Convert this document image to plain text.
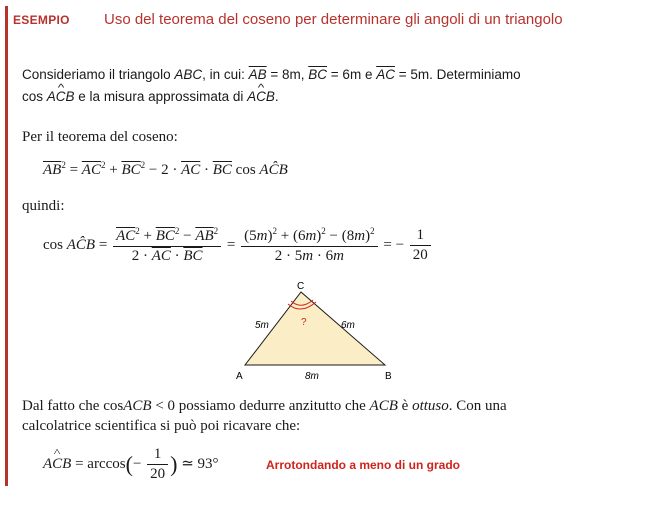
ESEMPIO Uso del teorema del coseno per determinare gli angoli di un triangolo
Consideriamo il triangolo ABC, in cui: $\overline{AB} = 8m$, $\overline{BC} = 6m$ e $\overline{AC} = 5m$. Determiniamo
cos ^ ACB e la misura approssimata di ^ ACB.
Per il teorema del coseno:
$\overline{AB}^2 = \overline{AC}^2 + \overline{BC}^2 - 2 \cdot \overline{AC} \cdot \overline{BC}$ cos AĈB
quindi:
cos AĈB = $\frac{\overline{AC}^2 + \overline{BC}^2 - \overline{AB}^2}{2 \cdot \overline{AC} \cdot \overline{BC}} = \frac{(5m)^2 + (6m)^2 - (8m)^2}{2 \cdot 5m \cdot 6m}$ = − $\frac{1}{20}$
C
A	B
5m	6m
8m
?
Dal fatto che cosACB < 0 possiamo dedurre anzitutto che ACB è ottuso. Con una
calcolatrice scientifica si può poi ricavare che:
^ ACB = $\arccos(- \frac{1}{20}$ ) ≃ 93°	Arrotondando a meno di un grado
